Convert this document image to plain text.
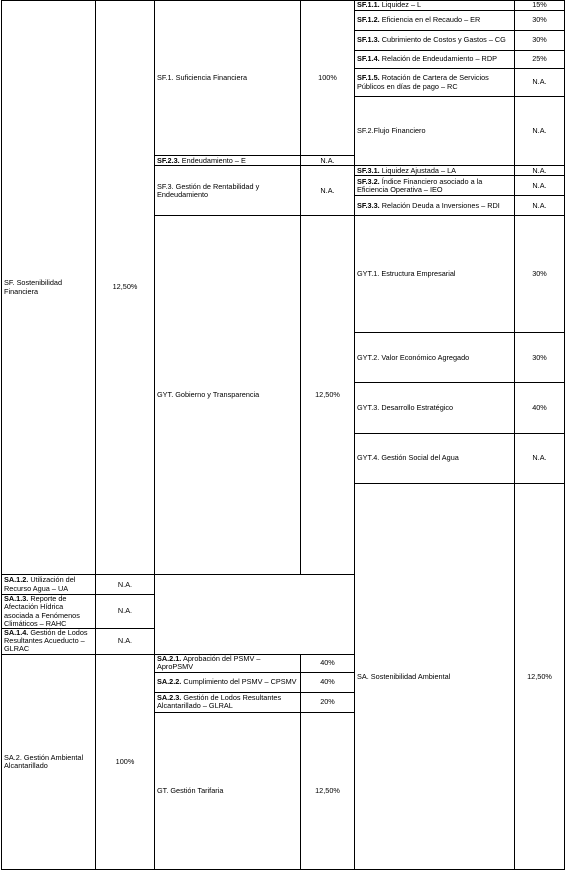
SF. Sostenibilidad Financiera	12,50%	SF.1. Suficiencia Financiera	100%	SF.1.1. Liquidez – L	15%	
				SF.1.2. Eficiencia en el Recaudo – ER	30%	
				SF.1.3. Cubrimiento de Costos y Gastos – CG	30%	
				SF.1.4. Relación de Endeudamiento – RDP	25%	
				SF.1.5. Rotación de Cartera de Servicios Públicos en días de pago – RC	N.A.	
				SF.2.Flujo Financiero	N.A.		

		SF.2.3. Endeudamiento – E	N.A.			
		SF.3. Gestión de Rentabilidad y Endeudamiento	N.A.	SF.3.1. Liquidez Ajustada – LA	N.A.	
				SF.3.2. Índice Financiero asociado a la Eficiencia Operativa – IEO	N.A.	
				SF.3.3. Relación Deuda a Inversiones – RDI	N.A.	
		GYT. Gobierno y Transparencia	12,50%	GYT.1. Estructura Empresarial	30%		

				GYT.2. Valor Económico Agregado	30%		
				GYT.3. Desarrollo Estratégico	40%		
				GYT.4. Gestión Social del Agua	N.A.		
				SA. Sostenibilidad Ambiental	12,50%				
SA.1.2. Utilización del Recurso Agua – UA	N.A.					
SA.1.3. Reporte de Afectación Hídrica asociada a Fenómenos Climáticos – RAHC	N.A.					
SA.1.4. Gestión de Lodos Resultantes Acueducto – GLRAC	N.A.					
SA.2. Gestión Ambiental Alcantarillado	100%	SA.2.1. Aprobación del PSMV – AproPSMV	40%			
		SA.2.2. Cumplimiento del PSMV – CPSMV	40%			
		SA.2.3. Gestión de Lodos Resultantes Alcantarillado – GLRAL	20%			
		GT. Gestión Tarifaria	12,50%				
